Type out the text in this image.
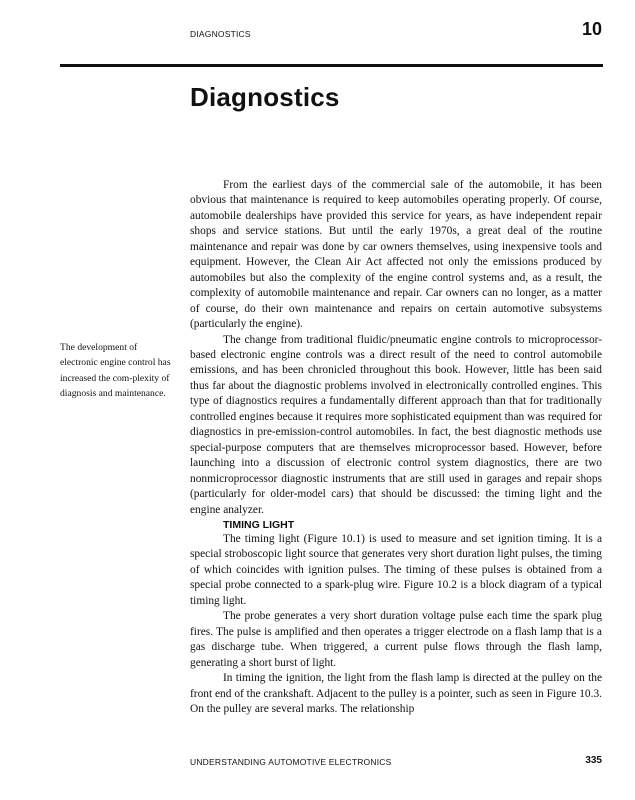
DIAGNOSTICS	10
Diagnostics
The development of electronic engine control has increased the com-plexity of diagnosis and maintenance.

From the earliest days of the commercial sale of the automobile, it has been obvious that maintenance is required to keep automobiles operating properly. Of course, automobile dealerships have provided this service for years, as have independent repair shops and service stations. But until the early 1970s, a great deal of the routine maintenance and repair was done by car owners themselves, using inexpensive tools and equipment. However, the Clean Air Act affected not only the emissions produced by automobiles but also the complexity of the engine control systems and, as a result, the complexity of automobile maintenance and repair. Car owners can no longer, as a matter of course, do their own maintenance and repairs on certain automotive subsystems (particularly the engine).

The change from traditional fluidic/pneumatic engine controls to microprocessor-based electronic engine controls was a direct result of the need to control automobile emissions, and has been chronicled throughout this book. However, little has been said thus far about the diagnostic problems involved in electronically controlled engines. This type of diagnostics requires a fundamentally different approach than that for traditionally controlled engines because it requires more sophisticated equipment than was required for diagnostics in pre-emission-control automobiles. In fact, the best diagnostic methods use special-purpose computers that are themselves microprocessor based. However, before launching into a discussion of electronic control system diagnostics, there are two nonmicroprocessor diagnostic instruments that are still used in garages and repair shops (particularly for older-model cars) that should be discussed: the timing light and the engine analyzer.

TIMING LIGHT

The timing light (Figure 10.1) is used to measure and set ignition timing. It is a special stroboscopic light source that generates very short duration light pulses, the timing of which coincides with ignition pulses. The timing of these pulses is obtained from a special probe connected to a spark-plug wire. Figure 10.2 is a block diagram of a typical timing light.

The probe generates a very short duration voltage pulse each time the spark plug fires. The pulse is amplified and then operates a trigger electrode on a flash lamp that is a gas discharge tube. When triggered, a current pulse flows through the flash lamp, generating a short burst of light.

In timing the ignition, the light from the flash lamp is directed at the pulley on the front end of the crankshaft. Adjacent to the pulley is a pointer, such as seen in Figure 10.3. On the pulley are several marks. The relationship

UNDERSTANDING AUTOMOTIVE ELECTRONICS	335
